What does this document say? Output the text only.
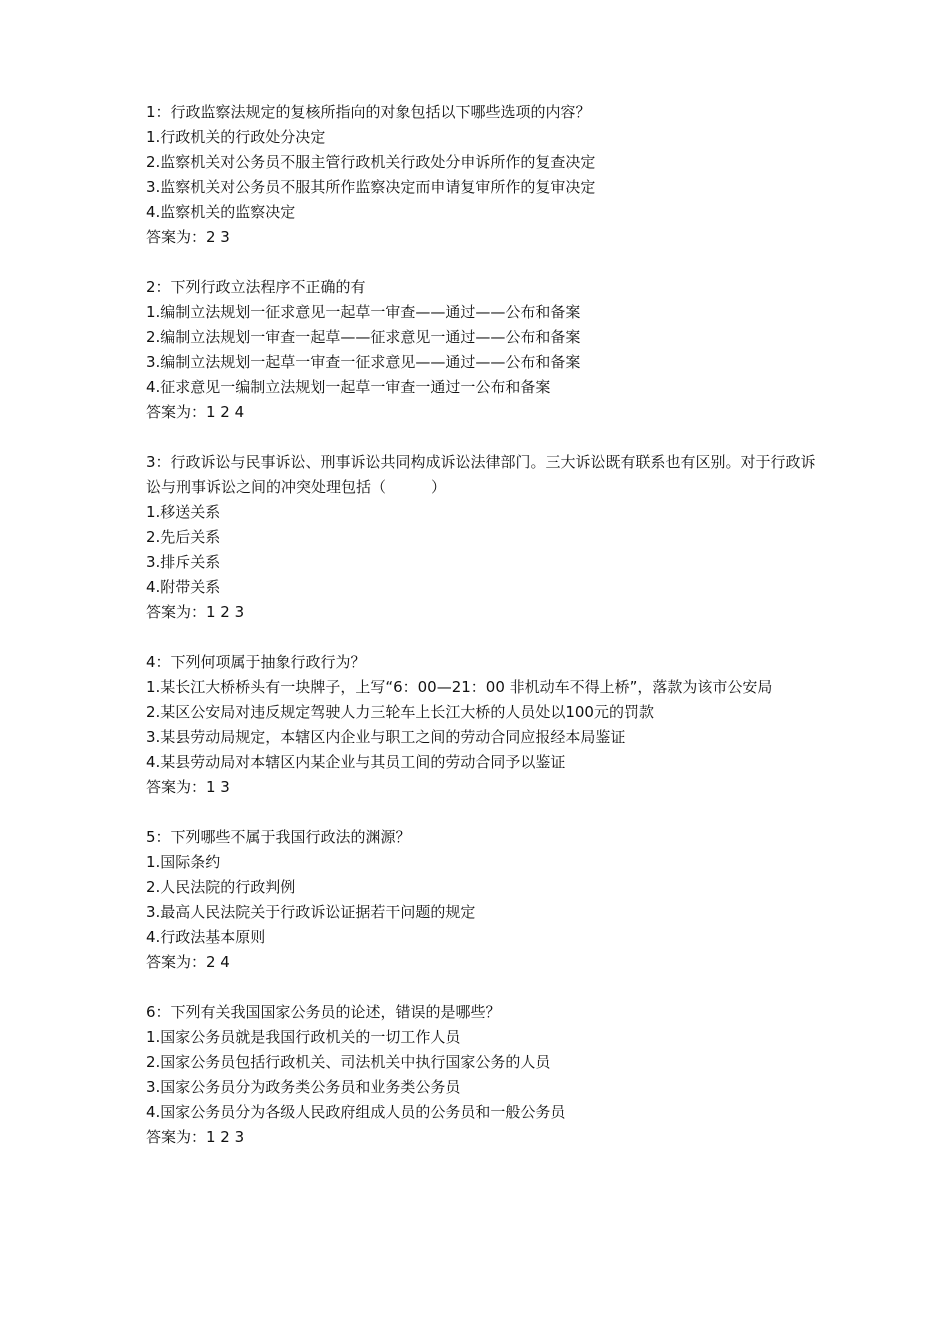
1：行政监察法规定的复核所指向的对象包括以下哪些选项的内容？

1.行政机关的行政处分决定

2.监察机关对公务员不服主管行政机关行政处分申诉所作的复查决定

3.监察机关对公务员不服其所作监察决定而申请复审所作的复审决定

4.监察机关的监察决定

答案为：2 3

2：下列行政立法程序不正确的有

1.编制立法规划一征求意见一起草一审查——通过——公布和备案

2.编制立法规划一审查一起草——征求意见一通过——公布和备案

3.编制立法规划一起草一审查一征求意见——通过——公布和备案

4.征求意见一编制立法规划一起草一审查一通过一公布和备案

答案为：1 2 4

3：行政诉讼与民事诉讼、刑事诉讼共同构成诉讼法律部门。三大诉讼既有联系也有区别。对于行政诉讼与刑事诉讼之间的冲突处理包括（　　　）

1.移送关系

2.先后关系

3.排斥关系

4.附带关系

答案为：1 2 3

4：下列何项属于抽象行政行为？

1.某长江大桥桥头有一块牌子，上写“6：00—21：00 非机动车不得上桥”，落款为该市公安局

2.某区公安局对违反规定驾驶人力三轮车上长江大桥的人员处以100元的罚款

3.某县劳动局规定，本辖区内企业与职工之间的劳动合同应报经本局鉴证

4.某县劳动局对本辖区内某企业与其员工间的劳动合同予以鉴证

答案为：1 3

5：下列哪些不属于我国行政法的渊源？

1.国际条约

2.人民法院的行政判例

3.最高人民法院关于行政诉讼证据若干问题的规定

4.行政法基本原则

答案为：2 4

6：下列有关我国国家公务员的论述，错误的是哪些？

1.国家公务员就是我国行政机关的一切工作人员

2.国家公务员包括行政机关、司法机关中执行国家公务的人员

3.国家公务员分为政务类公务员和业务类公务员

4.国家公务员分为各级人民政府组成人员的公务员和一般公务员

答案为：1 2 3
